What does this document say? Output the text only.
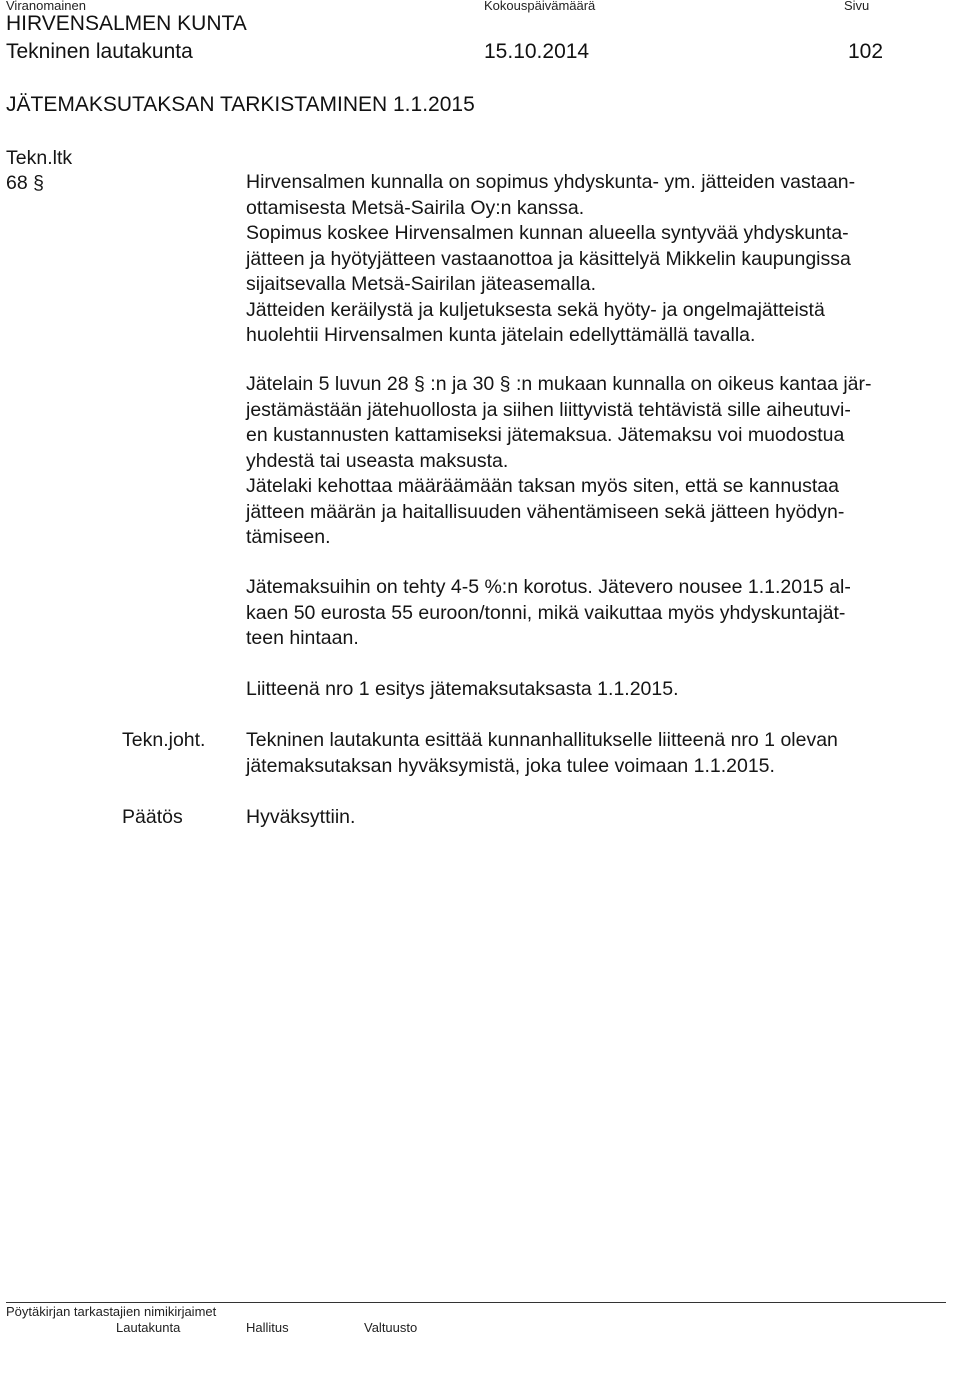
Viranomainen	Kokouspäivämäärä	Sivu
HIRVENSALMEN KUNTA
Tekninen lautakunta	15.10.2014	102
JÄTEMAKSUTAKSAN TARKISTAMINEN 1.1.2015
Tekn.ltk
68 §	Hirvensalmen kunnalla on sopimus yhdyskunta- ym. jätteiden vastaan-
ottamisesta Metsä-Sairila Oy:n kanssa.
Sopimus koskee Hirvensalmen kunnan alueella syntyvää yhdyskunta-
jätteen ja hyötyjätteen vastaanottoa ja käsittelyä Mikkelin kaupungissa
sijaitsevalla Metsä-Sairilan jäteasemalla.
Jätteiden keräilystä ja kuljetuksesta sekä hyöty- ja ongelmajätteistä
huolehtii Hirvensalmen kunta jätelain edellyttämällä tavalla.
Jätelain 5 luvun 28 § :n ja 30 § :n mukaan kunnalla on oikeus kantaa jär-
jestämästään jätehuollosta ja siihen liittyvistä tehtävistä sille aiheutuvi-
en kustannusten kattamiseksi jätemaksua. Jätemaksu voi muodostua
yhdestä tai useasta maksusta.
Jätelaki kehottaa määräämään taksan myös siten, että se kannustaa
jätteen määrän ja haitallisuuden vähentämiseen sekä jätteen hyödyn-
tämiseen.
Jätemaksuihin on tehty 4-5 %:n korotus. Jätevero nousee 1.1.2015 al-
kaen 50 eurosta 55 euroon/tonni, mikä vaikuttaa myös yhdyskuntajät-
teen hintaan.
Liitteenä nro 1 esitys jätemaksutaksasta 1.1.2015.
Tekn.joht. Tekninen lautakunta esittää kunnanhallitukselle liitteenä nro 1 olevan
jätemaksutaksan hyväksymistä, joka tulee voimaan 1.1.2015.
Päätös	Hyväksyttiin.
Pöytäkirjan tarkastajien nimikirjaimet
Lautakunta	Hallitus	Valtuusto
